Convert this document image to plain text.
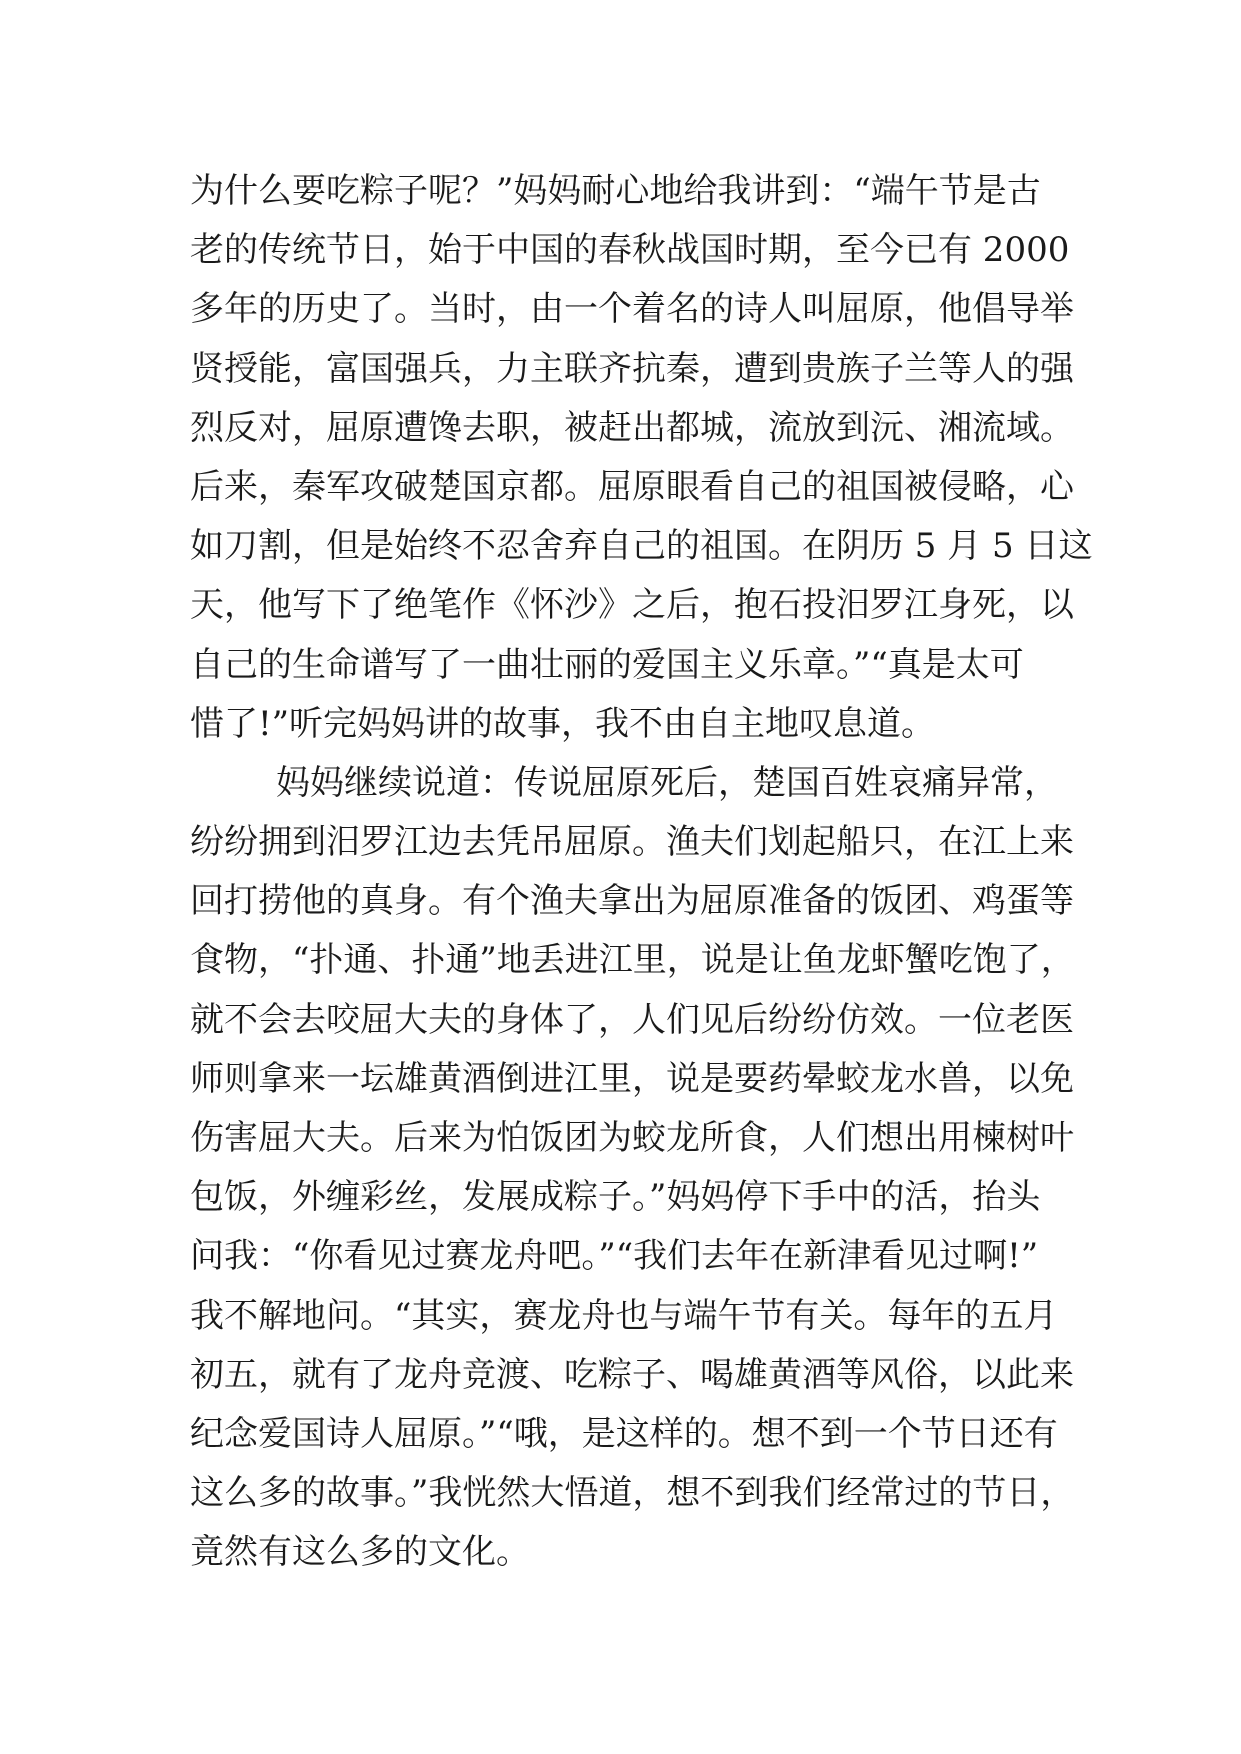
为什么要吃粽子呢？”妈妈耐心地给我讲到：“端午节是古
老的传统节日，始于中国的春秋战国时期，至今已有 2000
多年的历史了。当时，由一个着名的诗人叫屈原，他倡导举
贤授能，富国强兵，力主联齐抗秦，遭到贵族子兰等人的强
烈反对，屈原遭馋去职，被赶出都城，流放到沅、湘流域。
后来，秦军攻破楚国京都。屈原眼看自己的祖国被侵略，心
如刀割，但是始终不忍舍弃自己的祖国。在阴历 5 月 5 日这
天，他写下了绝笔作《怀沙》之后，抱石投汨罗江身死，以
自己的生命谱写了一曲壮丽的爱国主义乐章。”“真是太可
惜了!”听完妈妈讲的故事，我不由自主地叹息道。
妈妈继续说道：传说屈原死后，楚国百姓哀痛异常，
纷纷拥到汨罗江边去凭吊屈原。渔夫们划起船只，在江上来
回打捞他的真身。有个渔夫拿出为屈原准备的饭团、鸡蛋等
食物，“扑通、扑通”地丢进江里，说是让鱼龙虾蟹吃饱了，
就不会去咬屈大夫的身体了，人们见后纷纷仿效。一位老医
师则拿来一坛雄黄酒倒进江里，说是要药晕蛟龙水兽，以免
伤害屈大夫。后来为怕饭团为蛟龙所食，人们想出用楝树叶
包饭，外缠彩丝，发展成粽子。”妈妈停下手中的活，抬头
问我：“你看见过赛龙舟吧。”“我们去年在新津看见过啊!”
我不解地问。“其实，赛龙舟也与端午节有关。每年的五月
初五，就有了龙舟竞渡、吃粽子、喝雄黄酒等风俗，以此来
纪念爱国诗人屈原。”“哦，是这样的。想不到一个节日还有
这么多的故事。”我恍然大悟道，想不到我们经常过的节日，
竟然有这么多的文化。
